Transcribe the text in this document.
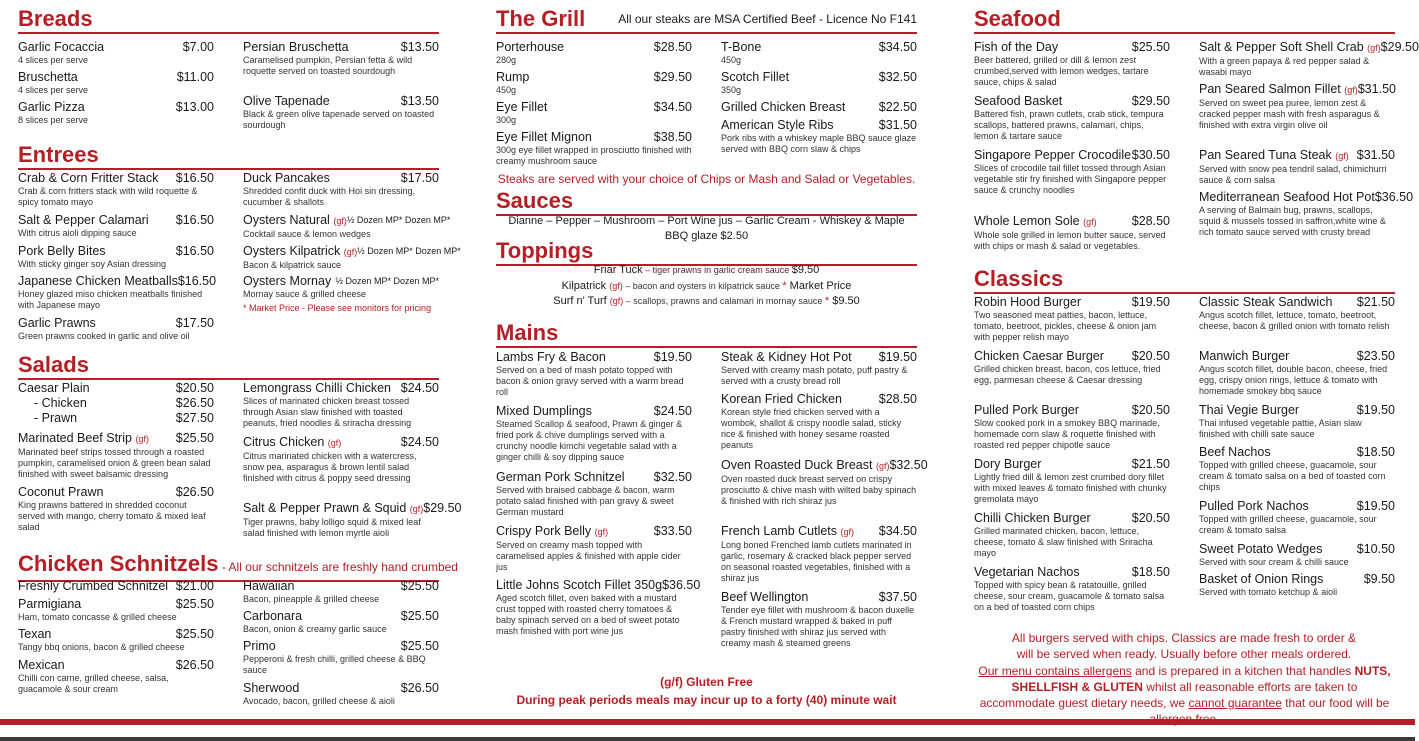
Breads
Garlic Focaccia	$7.00
4 slices per serve
Bruschetta	$11.00
4 slices per serve
Garlic Pizza	$13.00
8 slices per serve
Persian Bruschetta	$13.50
Caramelised pumpkin, Persian fetta & wild roquette served on toasted sourdough
Olive Tapenade	$13.50
Black & green olive tapenade served on toasted sourdough
Entrees
Crab & Corn Fritter Stack $16.50
Crab & corn fritters stack with wild roquette & spicy tomato mayo
Salt & Pepper Calamari $16.50
With citrus aioli dipping sauce
Pork Belly Bites	$16.50
With sticky ginger soy Asian dressing
Japanese Chicken Meatballs $16.50
Honey glazed miso chicken meatballs finished with Japanese mayo
Garlic Prawns	$17.50
Green prawns cooked in garlic and olive oil
Duck Pancakes	$17.50
Shredded confit duck with Hoi sin dressing, cucumber & shallots
Oysters Natural (gf) ½ Dozen MP* Dozen MP*
Cocktail sauce & lemon wedges
Oysters Kilpatrick (gf) ½ Dozen MP* Dozen MP*
Bacon & kilpatrick sauce
Oysters Mornay ½ Dozen MP* Dozen MP*
Mornay sauce & grilled cheese
* Market Price - Please see monitors for pricing
Salads
Caesar Plain	$20.50
- Chicken	$26.50
- Prawn	$27.50
Marinated Beef Strip (gf) $25.50
Marinated beef strips tossed through a roasted pumpkin, caramelised onion & green bean salad finished with sweet balsamic dressing
Coconut Prawn	$26.50
King prawns battered in shredded coconut served with mango, cherry tomato & mixed leaf salad
Lemongrass Chilli Chicken $24.50
Slices of marinated chicken breast tossed through Asian slaw finished with toasted peanuts, fried noodles & sriracha dressing
Citrus Chicken (gf)	$24.50
Citrus marinated chicken with a watercress, snow pea, asparagus & brown lentil salad finished with citrus & poppy seed dressing
Salt & Pepper Prawn & Squid (gf) $29.50
Tiger prawns, baby lolligo squid & mixed leaf salad finished with lemon myrtle aioli
Chicken Schnitzels - All our schnitzels are freshly hand crumbed
Freshly Crumbed Schnitzel $21.00
Parmigiana	$25.50
Ham, tomato concasse & grilled cheese
Texan	$25.50
Tangy bbq onions, bacon & grilled cheese
Mexican	$26.50
Chilli con carne, grilled cheese, salsa, guacamole & sour cream
Hawaiian	$25.50
Bacon, pineapple & grilled cheese
Carbonara	$25.50
Bacon, onion & creamy garlic sauce
Primo	$25.50
Pepperoni & fresh chilli, grilled cheese & BBQ sauce
Sherwood	$26.50
Avocado, bacon, grilled cheese & aioli
The Grill	All our steaks are MSA Certified Beef - Licence No F141
Porterhouse	$28.50
280g
Rump	$29.50
450g
Eye Fillet	$34.50
300g
Eye Fillet Mignon	$38.50
300g eye fillet wrapped in prosciutto finished with creamy mushroom sauce
T-Bone	$34.50
450g
Scotch Fillet	$32.50
350g
Grilled Chicken Breast	$22.50
American Style Ribs	$31.50
Pork ribs with a whiskey maple BBQ sauce glaze served with BBQ corn slaw & chips
Steaks are served with your choice of Chips or Mash and Salad or Vegetables.
Sauces
Dianne – Pepper – Mushroom – Port Wine jus – Garlic Cream - Whiskey & Maple BBQ glaze $2.50
Toppings
Friar Tuck – tiger prawns in garlic cream sauce $9.50
Kilpatrick (gf) – bacon and oysters in kilpatrick sauce * Market Price
Surf n' Turf (gf) – scallops, prawns and calamari in mornay sauce * $9.50
Mains
Lambs Fry & Bacon	$19.50
Served on a bed of mash potato topped with bacon & onion gravy served with a warm bread roll
Mixed Dumplings	$24.50
Steamed Scallop & seafood, Prawn & ginger & fried pork & chive dumplings served with a crunchy noodle kimchi vegetable salad with a ginger chilli & soy dipping sauce
German Pork Schnitzel $32.50
Served with braised cabbage & bacon, warm potato salad finished with pan gravy & sweet German mustard
Crispy Pork Belly (gf)	$33.50
Served on creamy mash topped with caramelised apples & finished with apple cider jus
Little Johns Scotch Fillet 350g $36.50
Aged scotch fillet, oven baked with a mustard crust topped with roasted cherry tomatoes & baby spinach served on a bed of sweet potato mash finished with port wine jus
Steak & Kidney Hot Pot $19.50
Served with creamy mash potato, puff pastry & served with a crusty bread roll
Korean Fried Chicken	$28.50
Korean style fried chicken served with a wombok, shallot & crispy noodle salad, sticky rice & finished with honey sesame roasted peanuts
Oven Roasted Duck Breast (gf) $32.50
Oven roasted duck breast served on crispy prosciutto & chive mash with wilted baby spinach & finished with rich shiraz jus
French Lamb Cutlets (gf) $34.50
Long boned Frenched lamb cutlets marinated in garlic, rosemary & cracked black pepper served on seasonal roasted vegetables, finished with a shiraz jus
Beef Wellington	$37.50
Tender eye fillet with mushroom & bacon duxelle & French mustard wrapped & baked in puff pastry finished with shiraz jus served with creamy mash & steamed greens
(g/f) Gluten Free
During peak periods meals may incur up to a forty (40) minute wait
Seafood
Fish of the Day	$25.50
Beer battered, grilled or dill & lemon zest crumbed,served with lemon wedges, tartare sauce, chips & salad
Seafood Basket	$29.50
Battered fish, prawn cutlets, crab stick, tempura scallops, battered prawns, calamari, chips, lemon & tartare sauce
Singapore Pepper Crocodile $30.50
Slices of crocodile tail fillet tossed through Asian vegetable stir fry finished with Singapore pepper sauce & crunchy noodles
Whole Lemon Sole (gf)	$28.50
Whole sole grilled in lemon butter sauce, served with chips or mash & salad or vegetables.
Salt & Pepper Soft Shell Crab (gf) $29.50
With a green papaya & red pepper salad & wasabi mayo
Pan Seared Salmon Fillet (gf) $31.50
Served on sweet pea puree, lemon zest & cracked pepper mash with fresh asparagus & finished with extra virgin olive oil
Pan Seared Tuna Steak (gf) $31.50
Served with snow pea tendril salad, chimichurri sauce & corn salsa
Mediterranean Seafood Hot Pot $36.50
A serving of Balmain bug, prawns, scallops, squid & mussels tossed in saffron,white wine & rich tomato sauce served with crusty bread
Classics
Robin Hood Burger	$19.50
Two seasoned meat patties, bacon, lettuce, tomato, beetroot, pickles, cheese & onion jam with pepper relish mayo
Chicken Caesar Burger $20.50
Grilled chicken breast, bacon, cos lettuce, fried egg, parmesan cheese & Caesar dressing
Pulled Pork Burger	$20.50
Slow cooked pork in a smokey BBQ marinade, homemade corn slaw & roquette finished with roasted red pepper chipotle sauce
Dory Burger	$21.50
Lightly fried dill & lemon zest crumbed dory fillet with mixed leaves & tomato finished with chunky gremolata mayo
Chilli Chicken Burger	$20.50
Grilled marinated chicken, bacon, lettuce, cheese, tomato & slaw finished with Sriracha mayo
Vegetarian Nachos	$18.50
Topped with spicy bean & ratatouille, grilled cheese, sour cream, guacamole & tomato salsa on a bed of toasted corn chips
Classic Steak Sandwich $21.50
Angus scotch fillet, lettuce, tomato, beetroot, cheese, bacon & grilled onion with tomato relish
Manwich Burger	$23.50
Angus scotch fillet, double bacon, cheese, fried egg, crispy onion rings, lettuce & tomato with homemade smokey bbq sauce
Thai Vegie Burger	$19.50
Thai infused vegetable pattie, Asian slaw finished with chilli sate sauce
Beef Nachos	$18.50
Topped with grilled cheese, guacamole, sour cream & tomato salsa on a bed of toasted corn chips
Pulled Pork Nachos	$19.50
Topped with grilled cheese, guacamole, sour cream & tomato salsa
Sweet Potato Wedges	$10.50
Served with sour cream & chilli sauce
Basket of Onion Rings	$9.50
Served with tomato ketchup & aioli
All burgers served with chips. Classics are made fresh to order & will be served when ready. Usually before other meals ordered.
Our menu contains allergens and is prepared in a kitchen that handles NUTS, SHELLFISH & GLUTEN whilst all reasonable efforts are taken to accommodate guest dietary needs, we cannot guarantee that our food will be
